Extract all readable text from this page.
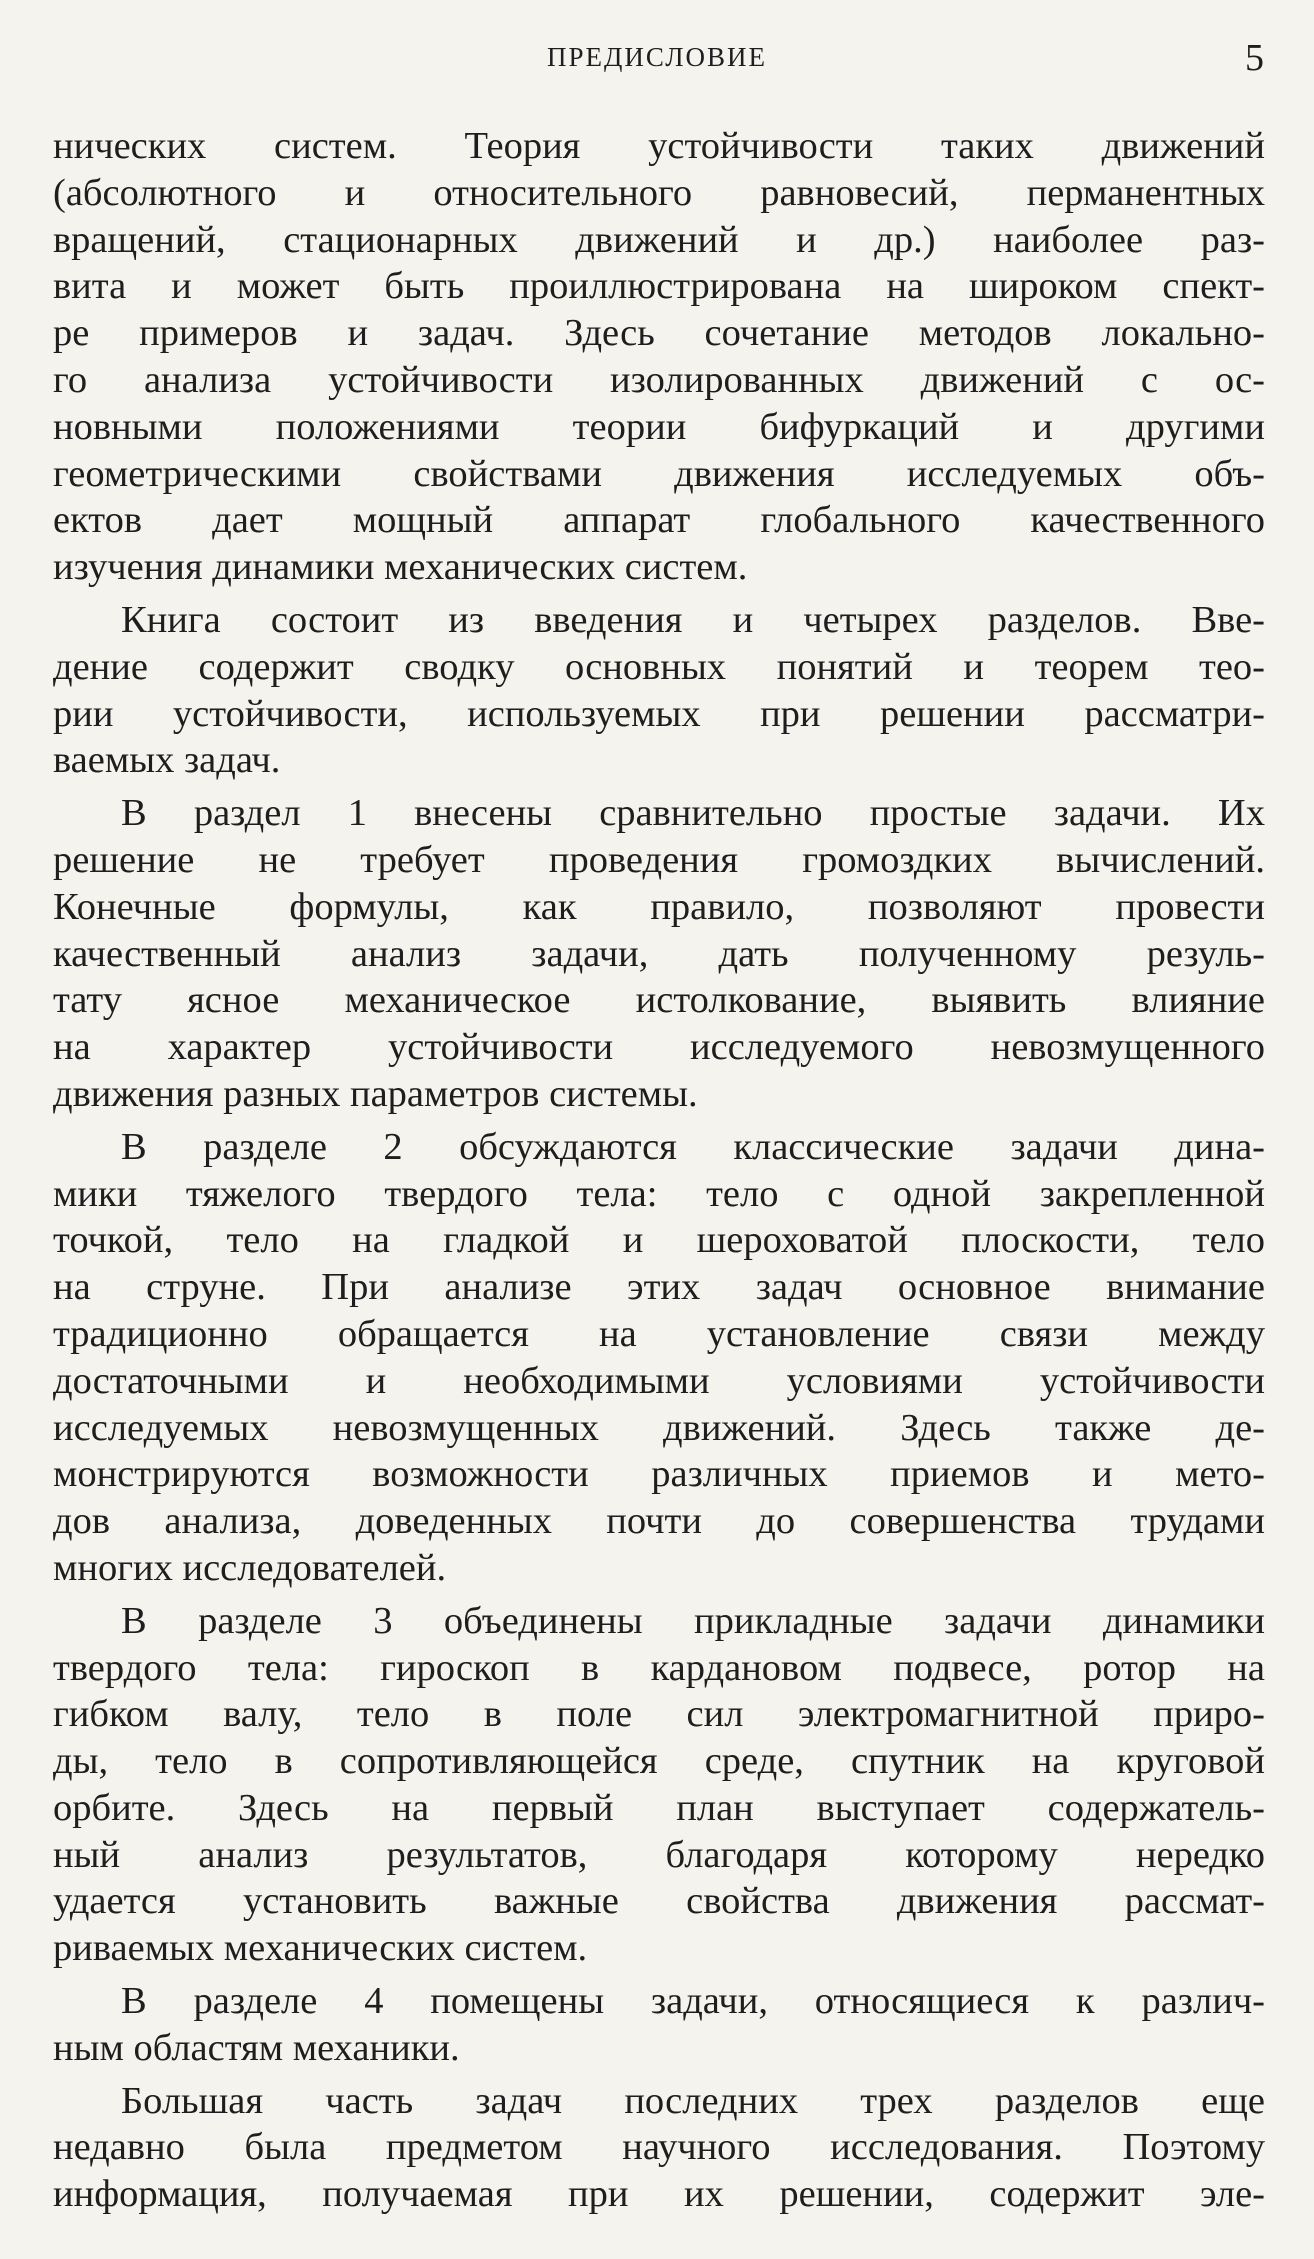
ПРЕДИСЛОВИЕ	5
ничеcких систем. Теория устойчивости таких движений
(абсолютного и относительного равновесий, перманентных
вращений, стационарных движений и др.) наиболее раз-
вита и может быть проиллюстрирована на широком спект-
ре примеров и задач. Здесь сочетание методов локально-
го анализа устойчивости изолированных движений с ос-
новными положениями теории бифуркаций и другими
геометрическими свойствами движения исследуемых объ-
ектов дает мощный аппарат глобального качественного
изучения динамики механических систем.
Книга состоит из введения и четырех разделов. Вве-
дение содержит сводку основных понятий и теорем тео-
рии устойчивости, используемых при решении рассматри-
ваемых задач.
В раздел 1 внесены сравнительно простые задачи. Их
решение не требует проведения громоздких вычислений.
Конечные формулы, как правило, позволяют провести
качественный анализ задачи, дать полученному резуль-
тату ясное механическое истолкование, выявить влияние
на характер устойчивости исследуемого невозмущенного
движения разных параметров системы.
В разделе 2 обсуждаются классические задачи дина-
мики тяжелого твердого тела: тело с одной закрепленной
точкой, тело на гладкой и шероховатой плоскости, тело
на струне. При анализе этих задач основное внимание
традиционно обращается на установление связи между
достаточными и необходимыми условиями устойчивости
исследуемых невозмущенных движений. Здесь также де-
монстрируются возможности различных приемов и мето-
дов анализа, доведенных почти до совершенства трудами
многих исследователей.
В разделе 3 объединены прикладные задачи динамики
твердого тела: гироскоп в кардановом подвесе, ротор на
гибком валу, тело в поле сил электромагнитной приро-
ды, тело в сопротивляющейся среде, спутник на круговой
орбите. Здесь на первый план выступает содержатель-
ный анализ результатов, благодаря которому нередко
удается установить важные свойства движения рассмат-
риваемых механических систем.
В разделе 4 помещены задачи, относящиеся к различ-
ным областям механики.
Большая часть задач последних трех разделов еще
недавно была предметом научного исследования. Поэтому
информация, получаемая при их решении, содержит эле-
